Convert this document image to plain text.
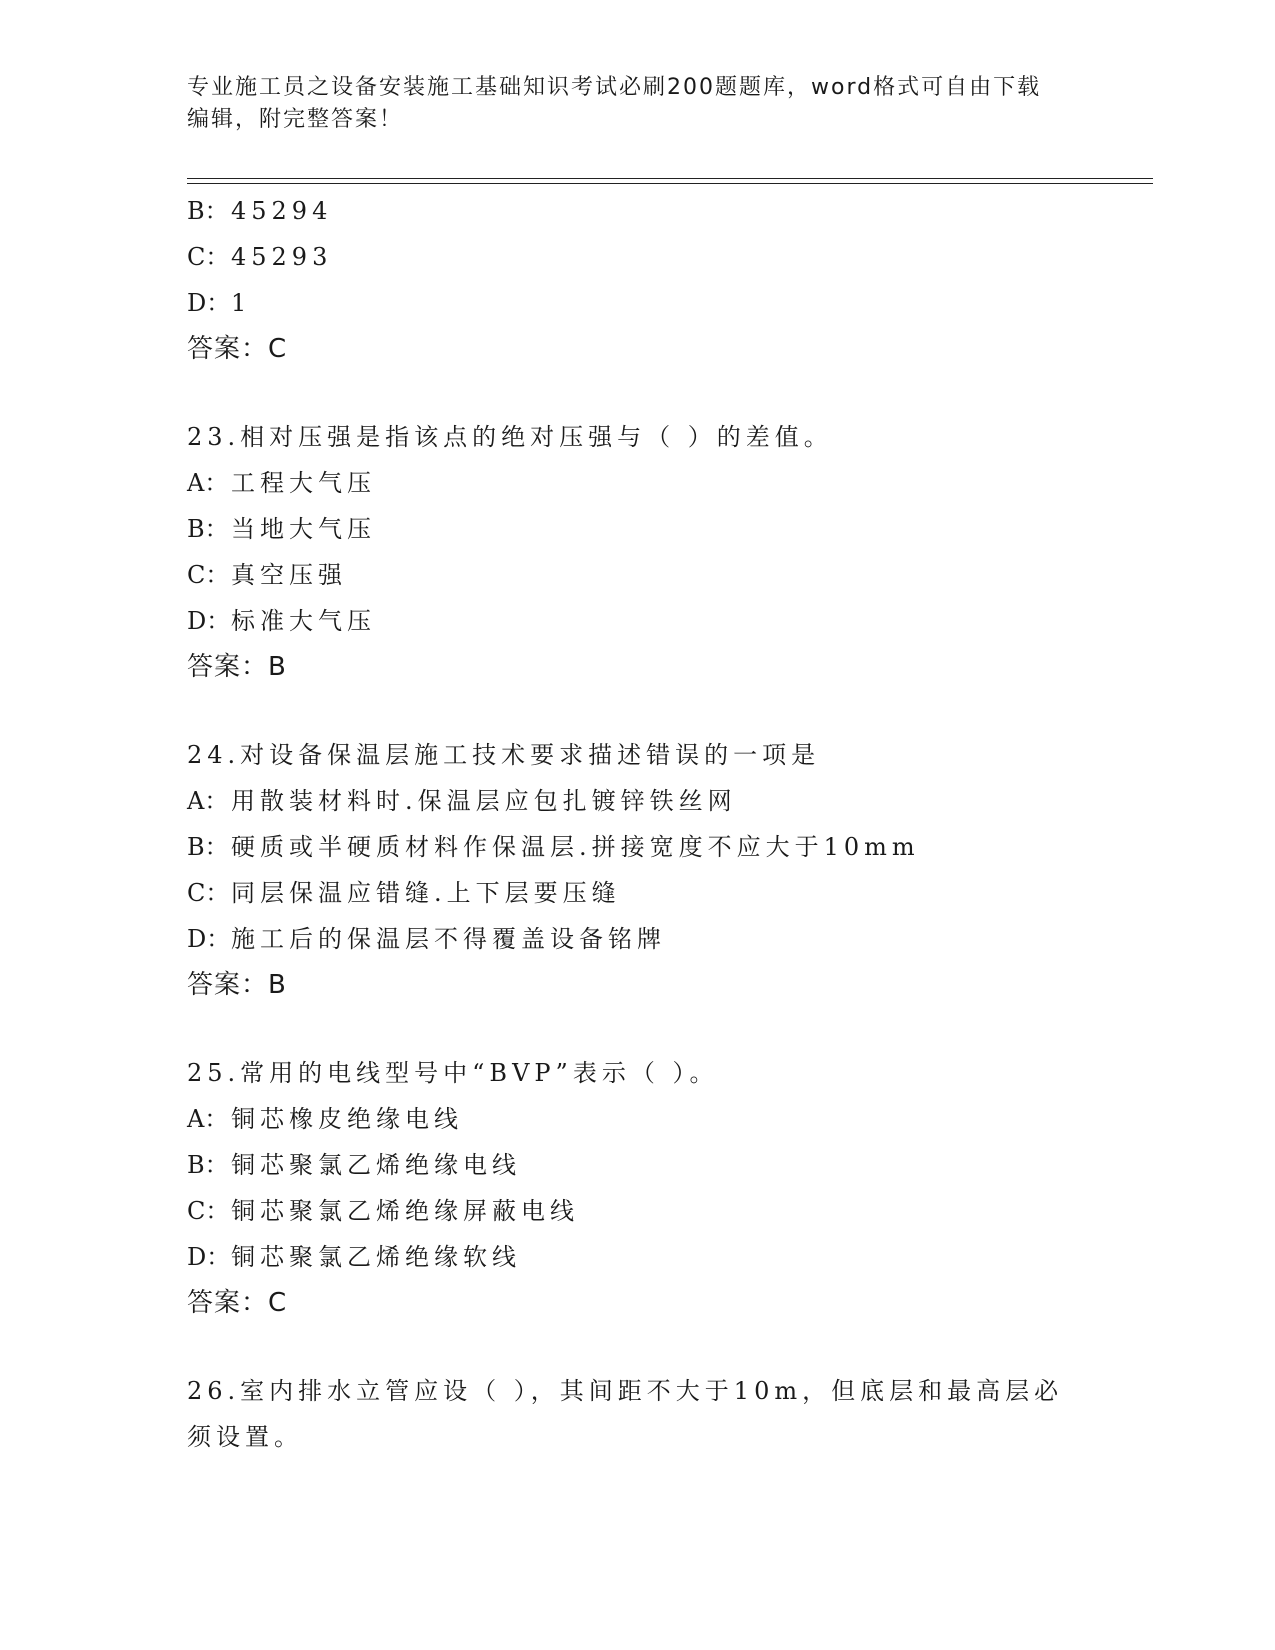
专业施工员之设备安装施工基础知识考试必刷200题题库，word格式可自由下载
编辑，附完整答案！
B：45294
C：45293
D：1
答案：C
23.相对压强是指该点的绝对压强与（ ）的差值。
A： 工程大气压
B：当地大气压
C：真空压强
D：标准大气压
答案：B
24.对设备保温层施工技术要求描述错误的一项是
A： 用散装材料时.保温层应包扎镀锌铁丝网
B：硬质或半硬质材料作保温层.拼接宽度不应大于10mm
C：同层保温应错缝.上下层要压缝
D：施工后的保温层不得覆盖设备铭牌
答案：B
25.常用的电线型号中“BVP”表示（ ）。
A： 铜芯橡皮绝缘电线
B：铜芯聚氯乙烯绝缘电线
C：铜芯聚氯乙烯绝缘屏蔽电线
D：铜芯聚氯乙烯绝缘软线
答案：C
26.室内排水立管应设（ ），其间距不大于10m，但底层和最高层必须设置。
